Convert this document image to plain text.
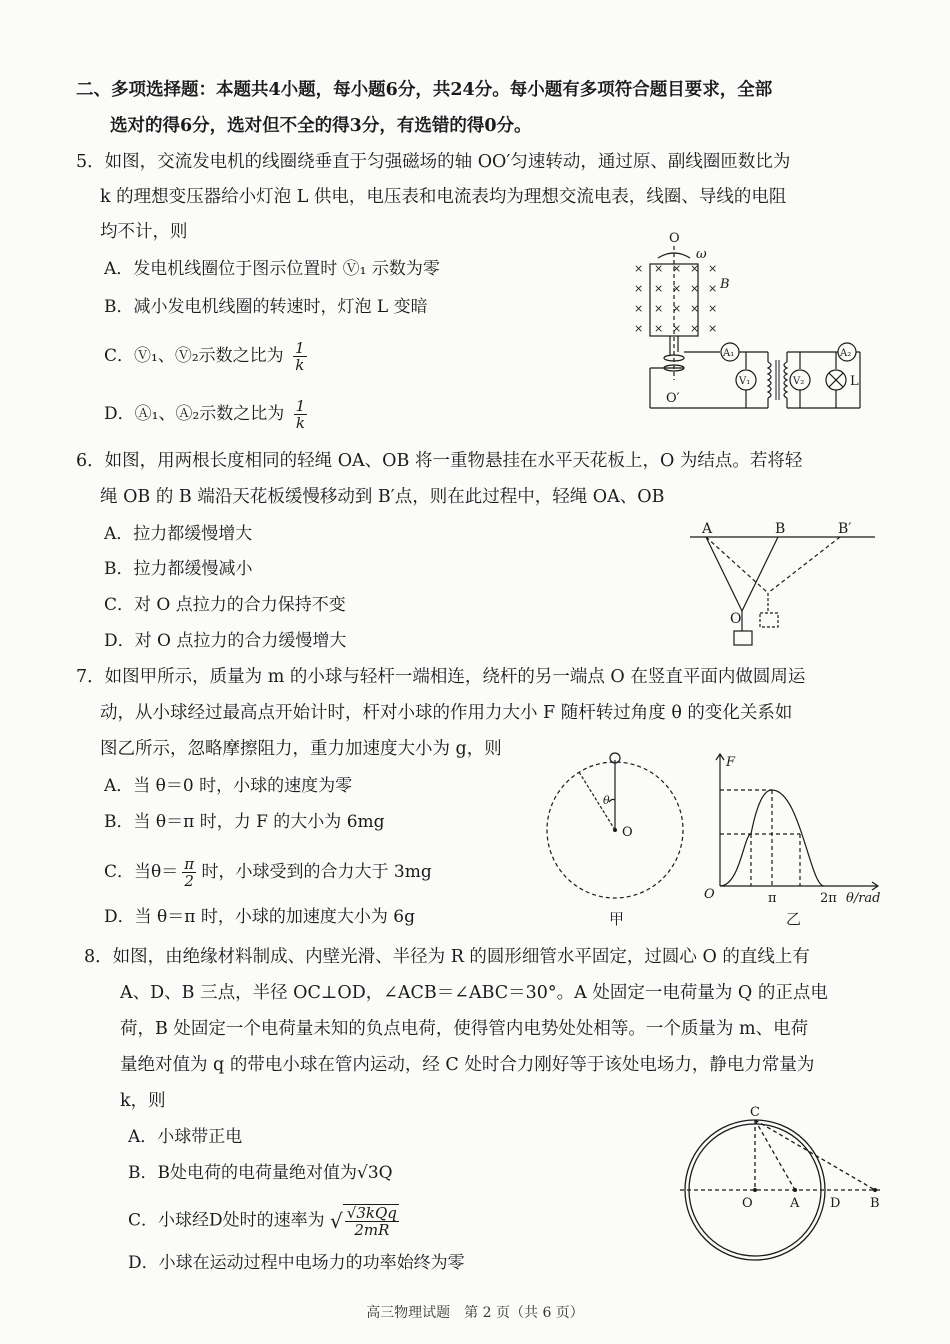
二、多项选择题：本题共4小题，每小题6分，共24分。每小题有多项符合题目要求，全部
选对的得6分，选对但不全的得3分，有选错的得0分。
5．如图，交流发电机的线圈绕垂直于匀强磁场的轴 OO′匀速转动，通过原、副线圈匝数比为
k 的理想变压器给小灯泡 L 供电，电压表和电流表均为理想交流电表，线圈、导线的电阻
均不计，则
A．发电机线圈位于图示位置时 Ⓥ₁ 示数为零
B．减小发电机线圈的转速时，灯泡 L 变暗
C．Ⓥ₁、Ⓥ₂示数之比为 $\frac{1}{k}$
D．Ⓐ₁、Ⓐ₂示数之比为 $\frac{1}{k}$
× × × × ×
× × × × ×
× × × × ×
× × × × ×
O
ω
B
O′
A₁	A₂
V₁	V₂	L
6．如图，用两根长度相同的轻绳 OA、OB 将一重物悬挂在水平天花板上，O 为结点。若将轻
绳 OB 的 B 端沿天花板缓慢移动到 B′点，则在此过程中，轻绳 OA、OB
A．拉力都缓慢增大
B．拉力都缓慢减小
C．对 O 点拉力的合力保持不变
D．对 O 点拉力的合力缓慢增大
A	B	B′
O
7．如图甲所示，质量为 m 的小球与轻杆一端相连，绕杆的另一端点 O 在竖直平面内做圆周运
动，从小球经过最高点开始计时，杆对小球的作用力大小 F 随杆转过角度 θ 的变化关系如
图乙所示，忽略摩擦阻力，重力加速度大小为 g，则
A．当 θ＝0 时，小球的速度为零
B．当 θ＝π 时，力 F 的大小为 6mg
C．当$\theta= \frac{\pi}{2}$ 时，小球受到的合力大于 3mg
D．当 θ＝π 时，小球的加速度大小为 6g
θ
O
甲
F
O	π	2π θ/rad
乙
8．如图，由绝缘材料制成、内壁光滑、半径为 R 的圆形细管水平固定，过圆心 O 的直线上有
A、D、B 三点，半径 OC⊥OD，∠ACB＝∠ABC＝30°。A 处固定一电荷量为 Q 的正点电
荷，B 处固定一个电荷量未知的负点电荷，使得管内电势处处相等。一个质量为 m、电荷
量绝对值为 q 的带电小球在管内运动，经 C 处时合力刚好等于该处电场力，静电力常量为
k，则
A．小球带正电
B．B处电荷的电荷量绝对值为√3Q
C．小球经D处时的速率为 √ $\frac{\text{√3kQq}}{2mR}$
D．小球在运动过程中电场力的功率始终为零
C
O	A D B
高三物理试题　第 2 页（共 6 页）
